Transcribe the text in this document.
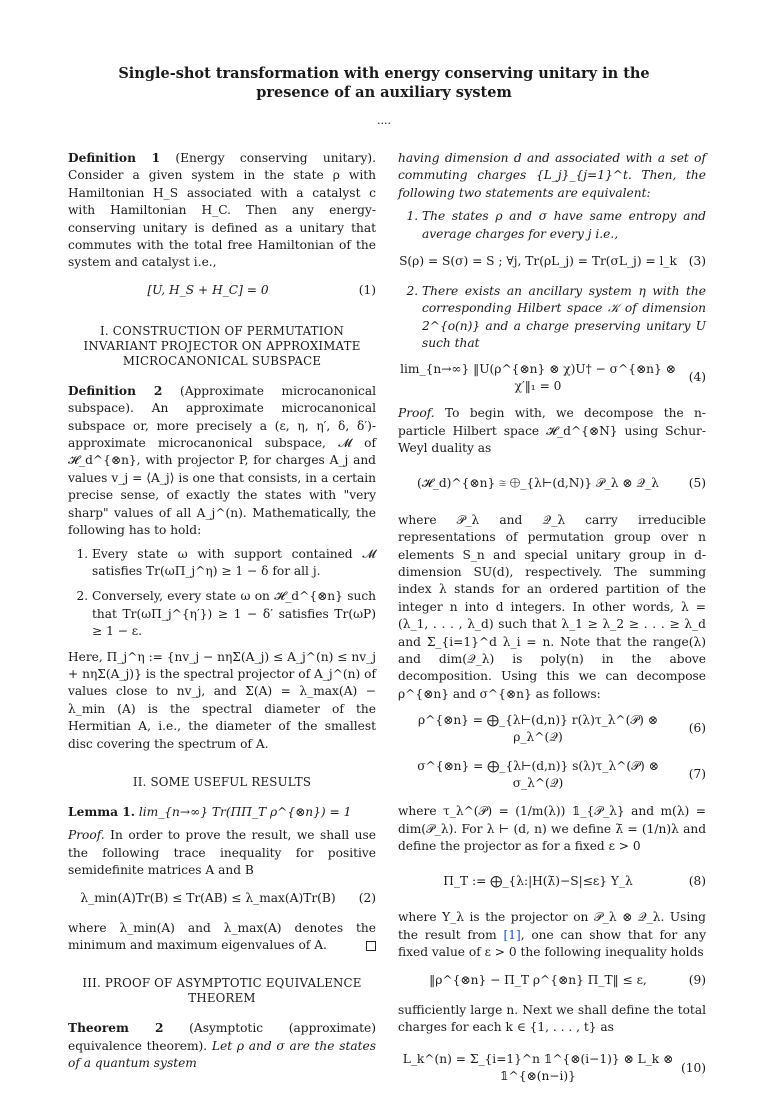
Single-shot transformation with energy conserving unitary in the presence of an auxiliary system
....

Definition 1 (Energy conserving unitary). Consider a given system in the state ρ with Hamiltonian H_S associated with a catalyst c with Hamiltonian H_C. Then any energy-conserving unitary is defined as a unitary that commutes with the total free Hamiltonian of the system and catalyst i.e.,

[U, H_S + H_C] = 0	(1)
I. CONSTRUCTION OF PERMUTATION INVARIANT PROJECTOR ON APPROXIMATE MICROCANONICAL SUBSPACE

Definition 2 (Approximate microcanonical subspace). An approximate microcanonical subspace or, more precisely a (ε, η, η′, δ, δ′)-approximate microcanonical subspace, 𝓜 of 𝓗_d^{⊗n}, with projector P, for charges A_j and values v_j = ⟨A_j⟩ is one that consists, in a certain precise sense, of exactly the states with "very sharp" values of all A_j^(n). Mathematically, the following has to hold:

1. Every state ω with support contained 𝓜 satisfies Tr(ωΠ_j^η) ≥ 1 − δ for all j.
2. Conversely, every state ω on 𝓗_d^{⊗n} such that Tr(ωΠ_j^{η′}) ≥ 1 − δ′ satisfies Tr(ωP) ≥ 1 − ε.

Here, Π_j^η := {nv_j − nηΣ(A_j) ≤ A_j^(n) ≤ nv_j + nηΣ(A_j)} is the spectral projector of A_j^(n) of values close to nv_j, and Σ(A) = λ_max(A) − λ_min (A) is the spectral diameter of the Hermitian A, i.e., the diameter of the smallest disc covering the spectrum of A.

II. SOME USEFUL RESULTS

Lemma 1. lim_{n→∞} Tr(ΠΠ_T ρ^{⊗n}) = 1

Proof. In order to prove the result, we shall use the following trace inequality for positive semidefinite matrices A and B

λ_min(A)Tr(B) ≤ Tr(AB) ≤ λ_max(A)Tr(B)	(2)

where λ_min(A) and λ_max(A) denotes the minimum and maximum eigenvalues of A.

III. PROOF OF ASYMPTOTIC EQUIVALENCE THEOREM

Theorem 2 (Asymptotic (approximate) equivalence theorem). Let ρ and σ are the states of a quantum system

having dimension d and associated with a set of commuting charges {L_j}_{j=1}^t. Then, the following two statements are equivalent:

1. The states ρ and σ have same entropy and average charges for every j i.e.,
S(ρ) = S(σ) = S ; ∀j, Tr(ρL_j) = Tr(σL_j) = l_k (3)
2. There exists an ancillary system η with the corresponding Hilbert space 𝒦 of dimension 2^{o(n)} and a charge preserving unitary U such that
lim_{n→∞} ‖U(ρ^{⊗n} ⊗ χ)U† − σ^{⊗n} ⊗ χ′‖₁ = 0
(4)

Proof. To begin with, we decompose the n-particle Hilbert space 𝓗_d^{⊗N} using Schur-Weyl duality as

(𝓗_d)^{⊗n} ≅ ⨁_{λ⊢(d,N)} 𝒫_λ ⊗ 𝒬_λ	(5)

where 𝒫_λ and 𝒬_λ carry irreducible representations of permutation group over n elements S_n and special unitary group in d-dimension SU(d), respectively. The summing index λ stands for an ordered partition of the integer n into d integers. In other words, λ = (λ_1, . . . , λ_d) such that λ_1 ≥ λ_2 ≥ . . . ≥ λ_d and Σ_{i=1}^d λ_i = n. Note that the range(λ) and dim(𝒬_λ) is poly(n) in the above decomposition. Using this we can decompose ρ^{⊗n} and σ^{⊗n} as follows:

ρ^{⊗n} = ⨁_{λ⊢(d,n)} r(λ)τ_λ^(𝒫) ⊗ ρ_λ^(𝒬)
(6)
σ^{⊗n} = ⨁_{λ⊢(d,n)} s(λ)τ_λ^(𝒫) ⊗ σ_λ^(𝒬)
(7)

where τ_λ^(𝒫) = (1/m(λ)) 𝟙_{𝒫_λ} and m(λ) = dim(𝒫_λ). For λ ⊢ (d, n) we define λ̄ = (1/n)λ and define the projector as for a fixed ε > 0

Π_T := ⨁_{λ:|H(λ̄)−S|≤ε} Y_λ	(8)

where Y_λ is the projector on 𝒫_λ ⊗ 𝒬_λ. Using the result from [1], one can show that for any fixed value of ε > 0 the following inequality holds

‖ρ^{⊗n} − Π_T ρ^{⊗n} Π_T‖ ≤ ε,	(9)

sufficiently large n. Next we shall define the total charges for each k ∈ {1, . . . , t} as

L_k^(n) = Σ_{i=1}^n 𝟙^{⊗(i−1)} ⊗ L_k ⊗ 𝟙^{⊗(n−i)}
(10)
